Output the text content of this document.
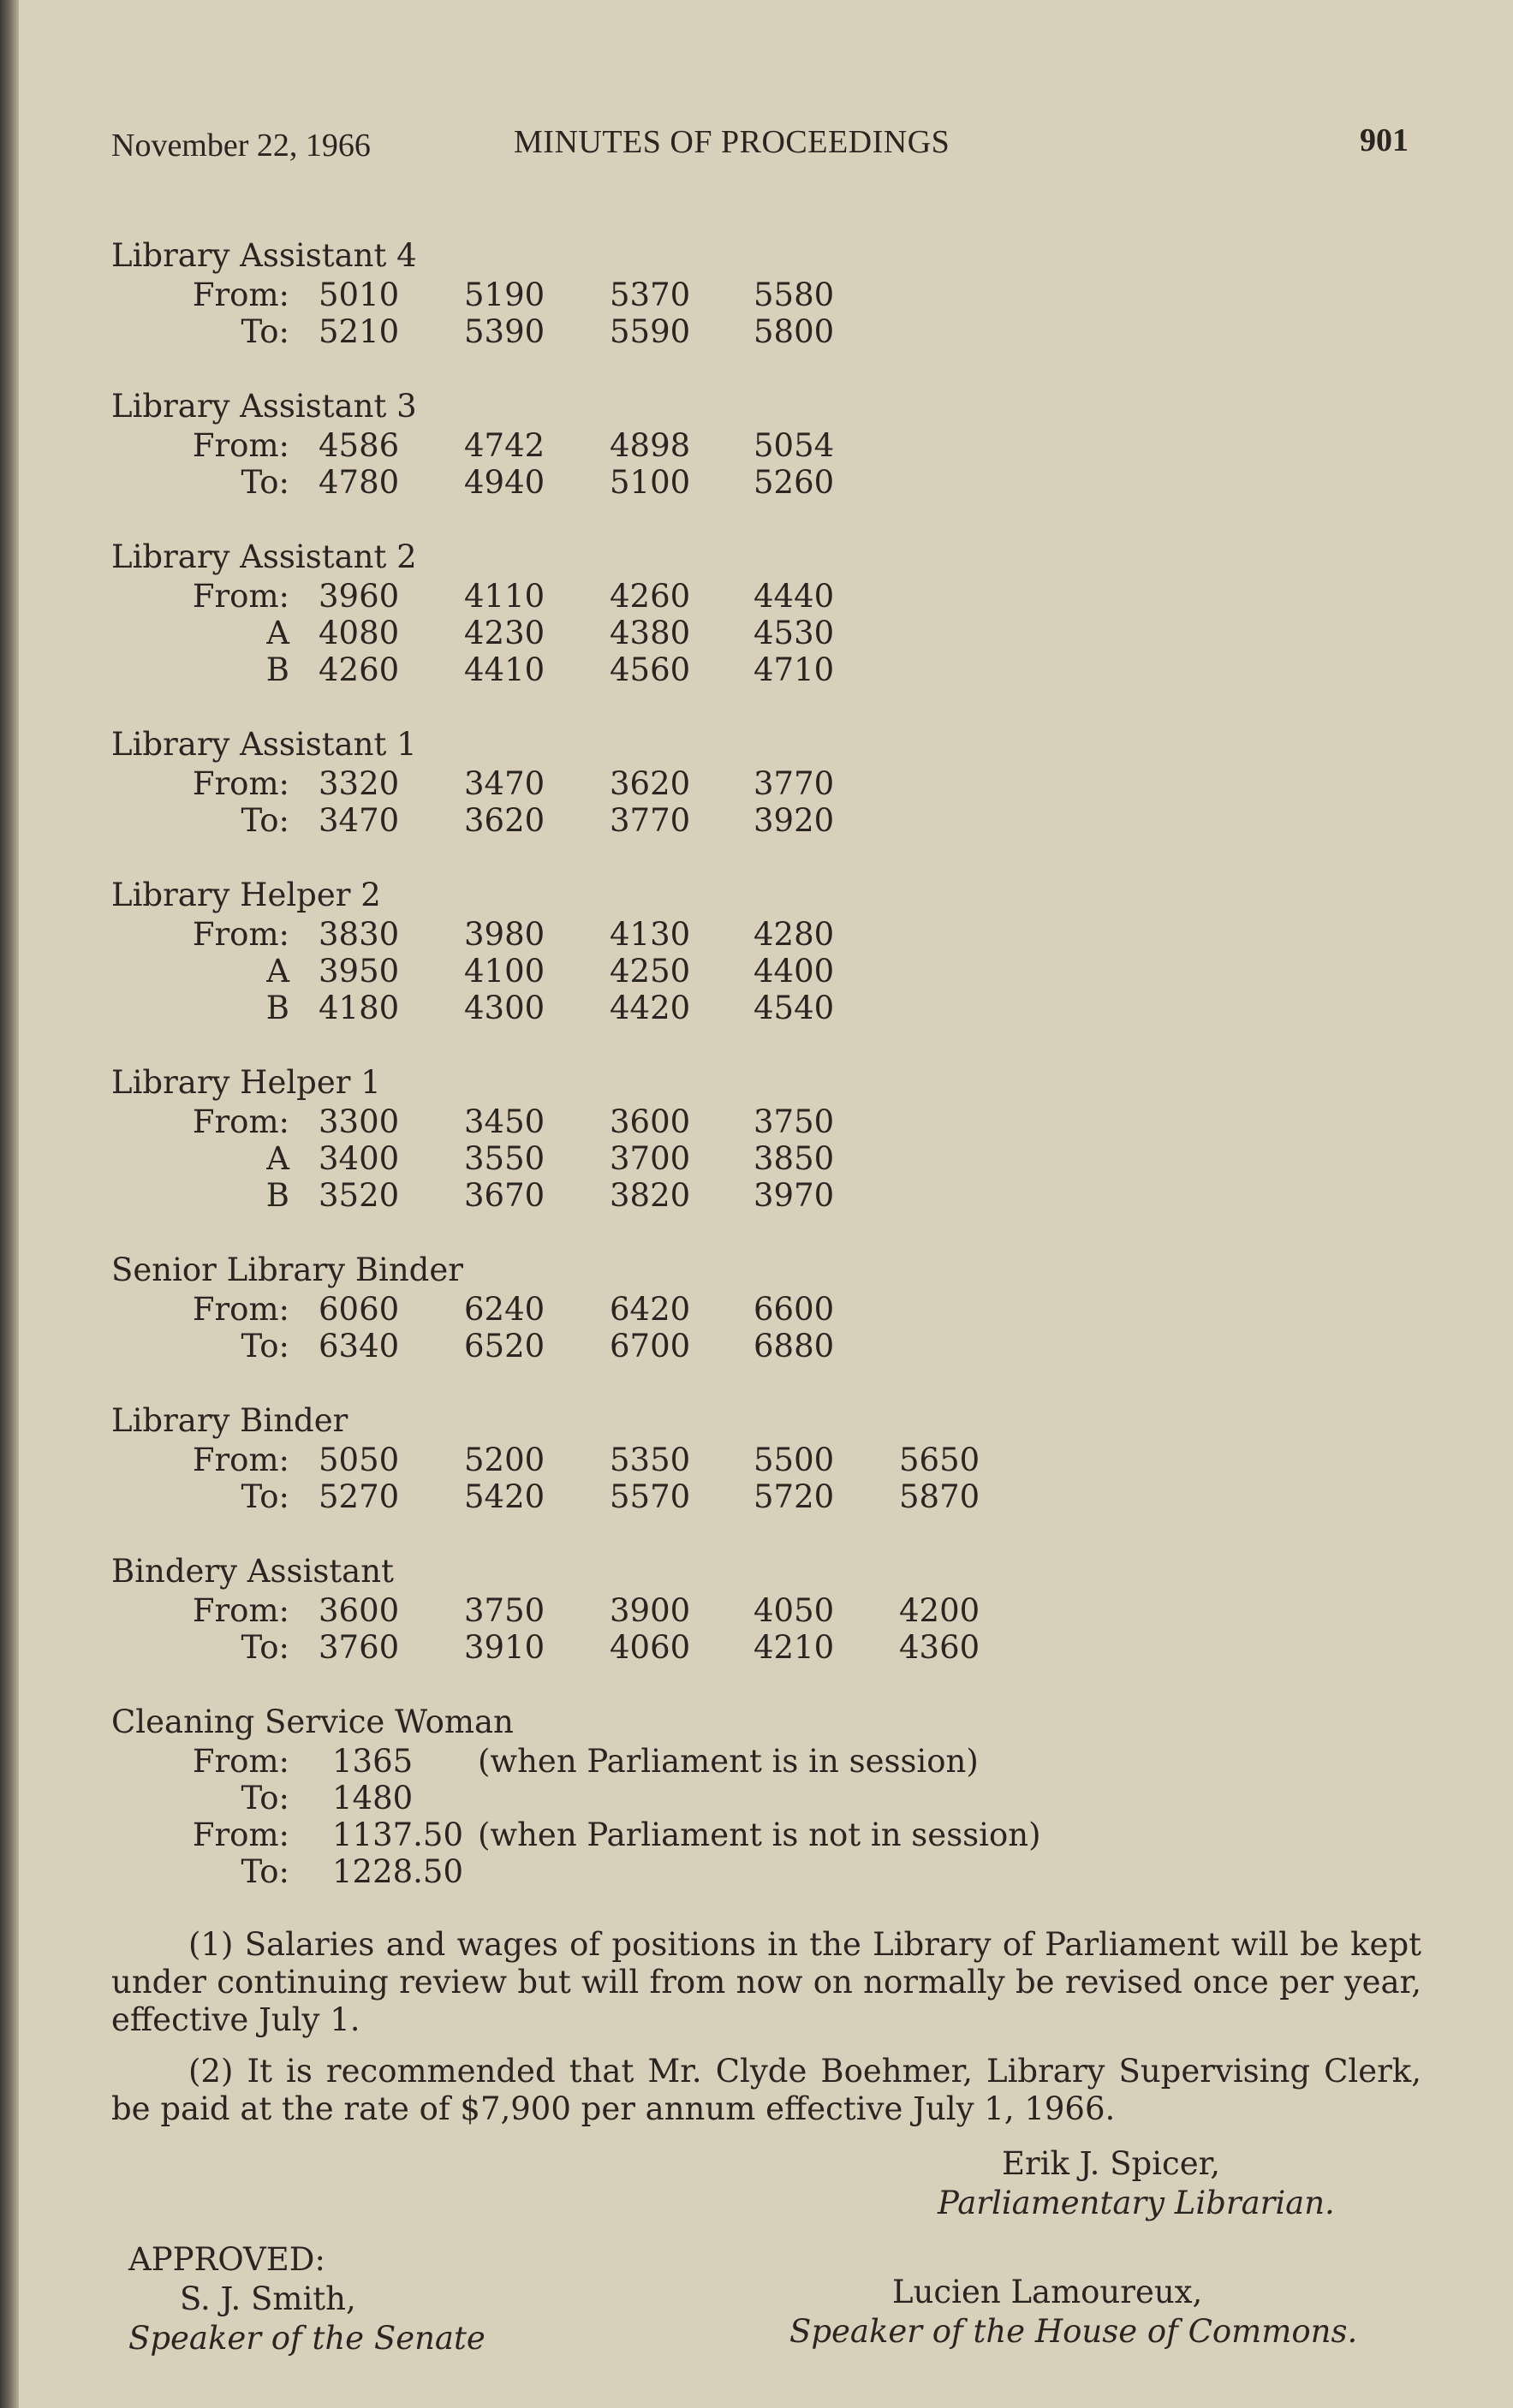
November 22, 1966	MINUTES OF PROCEEDINGS	901
Library Assistant 4
From: 5010	5190	5370	5580
To: 5210	5390	5590	5800
Library Assistant 3
From: 4586	4742	4898	5054
To: 4780	4940	5100	5260
Library Assistant 2
From: 3960	4110	4260	4440
A 4080	4230	4380	4530
B 4260	4410	4560	4710
Library Assistant 1
From: 3320	3470	3620	3770
To: 3470	3620	3770	3920
Library Helper 2
From: 3830	3980	4130	4280
A 3950	4100	4250	4400
B 4180	4300	4420	4540
Library Helper 1
From: 3300	3450	3600	3750
A 3400	3550	3700	3850
B 3520	3670	3820	3970
Senior Library Binder
From: 6060	6240	6420	6600
To: 6340	6520	6700	6880
Library Binder
From: 5050	5200	5350	5500	5650
To: 5270	5420	5570	5720	5870
Bindery Assistant
From: 3600	3750	3900	4050	4200
To: 3760	3910	4060	4210	4360
Cleaning Service Woman
From: 1365 (when Parliament is in session)
To: 1480
From: 1137.50 (when Parliament is not in session)
To: 1228.50

(1) Salaries and wages of positions in the Library of Parliament will be kept under continuing review but will from now on normally be revised once per year, effective July 1.

(2) It is recommended that Mr. Clyde Boehmer, Library Supervising Clerk, be paid at the rate of $7,900 per annum effective July 1, 1966.

Erik J. Spicer,
Parliamentary Librarian.
APPROVED:
S. J. Smith,
Speaker of the Senate
Lucien Lamoureux,
Speaker of the House of Commons.
